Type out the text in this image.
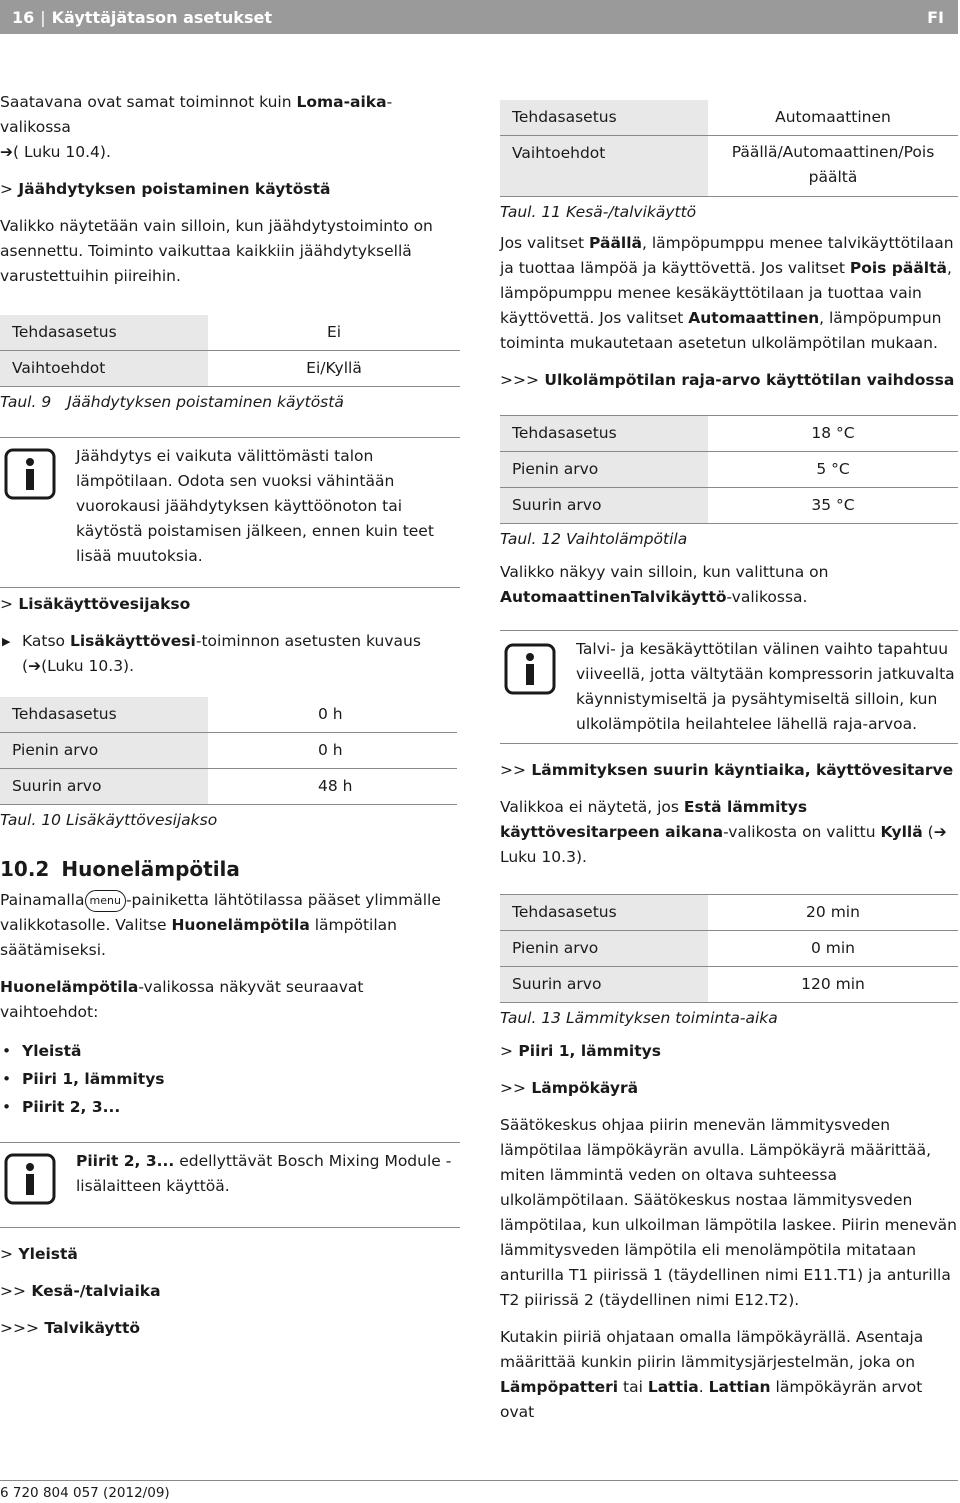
16 | Käyttäjätason asetukset	FI

Saatavana ovat samat toiminnot kuin Loma-aika-valikossa
➔( Luku 10.4).

> Jäähdytyksen poistaminen käytöstä

Valikko näytetään vain silloin, kun jäähdytystoiminto on asennettu. Toiminto vaikuttaa kaikkiin jäähdytyksellä varustettuihin piireihin.

Tehdasasetus	Ei
Vaihtoehdot	Ei/Kyllä
Taul. 9 Jäähdytyksen poistaminen käytöstä

Jäähdytys ei vaikuta välittömästi talon lämpötilaan. Odota sen vuoksi vähintään vuorokausi jäähdytyksen käyttöönoton tai käytöstä poistamisen jälkeen, ennen kuin teet lisää muutoksia.

> Lisäkäyttövesijakso
▶ Katso Lisäkäyttövesi-toiminnon asetusten kuvaus
(➔(Luku 10.3).
Tehdasasetus	0 h
Pienin arvo	0 h
Suurin arvo	48 h
Taul. 10 Lisäkäyttövesijakso
10.2 Huonelämpötila

Painamalla menu -painiketta lähtötilassa pääset ylimmälle valikkotasolle. Valitse Huonelämpötila lämpötilan säätämiseksi.

Huonelämpötila-valikossa näkyvät seuraavat vaihtoehdot:

• Yleistä
• Piiri 1, lämmitys
• Piirit 2, 3...

Piirit 2, 3... edellyttävät Bosch Mixing Module -lisälaitteen käyttöä.

> Yleistä
>> Kesä-/talviaika
>>> Talvikäyttö
Tehdasasetus	Automaattinen
Vaihtoehdot	Päällä/Automaattinen/Pois päältä
Taul. 11 Kesä-/talvikäyttö

Jos valitset Päällä, lämpöpumppu menee talvikäyttötilaan ja tuottaa lämpöä ja käyttövettä. Jos valitset Pois päältä, lämpöpumppu menee kesäkäyttötilaan ja tuottaa vain käyttövettä. Jos valitset Automaattinen, lämpöpumpun toiminta mukautetaan asetetun ulkolämpötilan mukaan.

>>> Ulkolämpötilan raja-arvo käyttötilan vaihdossa
Tehdasasetus	18 °C
Pienin arvo	5 °C
Suurin arvo	35 °C
Taul. 12 Vaihtolämpötila

Valikko näkyy vain silloin, kun valittuna on AutomaattinenTalvikäyttö-valikossa.

Talvi- ja kesäkäyttötilan välinen vaihto tapahtuu viiveellä, jotta vältytään kompressorin jatkuvalta käynnistymiseltä ja pysähtymiseltä silloin, kun ulkolämpötila heilahtelee lähellä raja-arvoa.

>> Lämmityksen suurin käyntiaika, käyttövesitarve

Valikkoa ei näytetä, jos Estä lämmitys käyttövesitarpeen aikana-valikosta on valittu Kyllä (➔
Luku 10.3).

Tehdasasetus	20 min
Pienin arvo	0 min
Suurin arvo	120 min
Taul. 13 Lämmityksen toiminta-aika
> Piiri 1, lämmitys
>> Lämpökäyrä

Säätökeskus ohjaa piirin menevän lämmitysveden lämpötilaa lämpökäyrän avulla. Lämpökäyrä määrittää, miten lämmintä veden on oltava suhteessa ulkolämpötilaan. Säätökeskus nostaa lämmitysveden lämpötilaa, kun ulkoilman lämpötila laskee. Piirin menevän lämmitysveden lämpötila eli menolämpötila mitataan anturilla T1 piirissä 1 (täydellinen nimi E11.T1) ja anturilla T2 piirissä 2 (täydellinen nimi E12.T2).

Kutakin piiriä ohjataan omalla lämpökäyrällä. Asentaja määrittää kunkin piirin lämmitysjärjestelmän, joka on Lämpöpatteri tai Lattia. Lattian lämpökäyrän arvot ovat

6 720 804 057 (2012/09)
